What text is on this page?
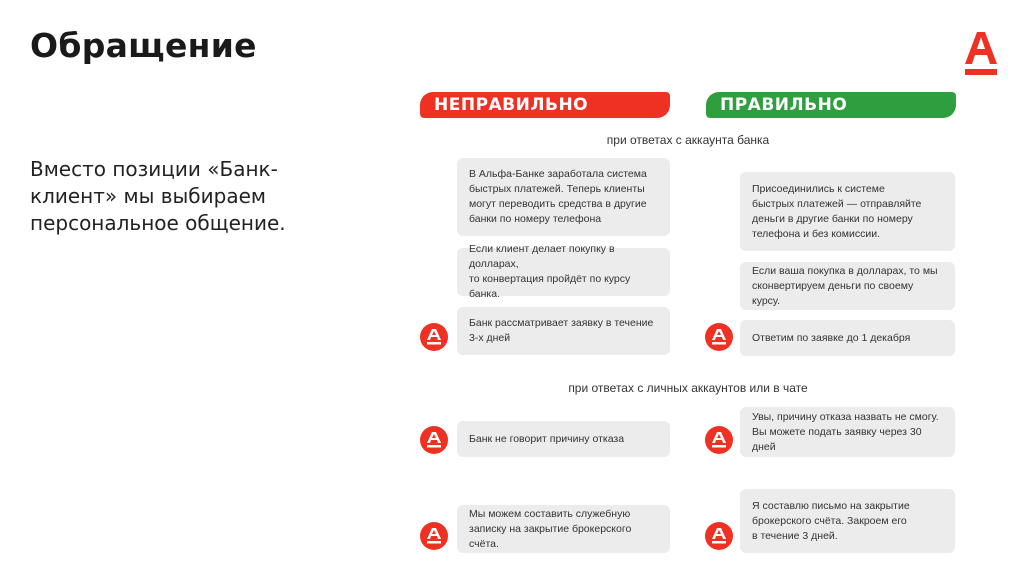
Обращение
Вместо позиции «Банк-клиент» мы выбираем персональное общение.
НЕПРАВИЛЬНО	ПРАВИЛЬНО
при ответах с аккаунта банка
при ответах с личных аккаунтов или в чате
В Альфа-Банке заработала система
быстрых платежей. Теперь клиенты
могут переводить средства в другие
банки по номеру телефона
Если клиент делает покупку в долларах,
то конвертация пройдёт по курсу банка.
Банк рассматривает заявку в течение
3-х дней
Банк не говорит причину отказа
Мы можем составить служебную
записку на закрытие брокерского счёта.
Присоединились к системе
быстрых платежей — отправляйте
деньги в другие банки по номеру
телефона и без комиссии.
Если ваша покупка в долларах, то мы
сконвертируем деньги по своему курсу.
Ответим по заявке до 1 декабря
Увы, причину отказа назвать не смогу.
Вы можете подать заявку через 30 дней
Я составлю письмо на закрытие
брокерского счёта. Закроем его
в течение 3 дней.
